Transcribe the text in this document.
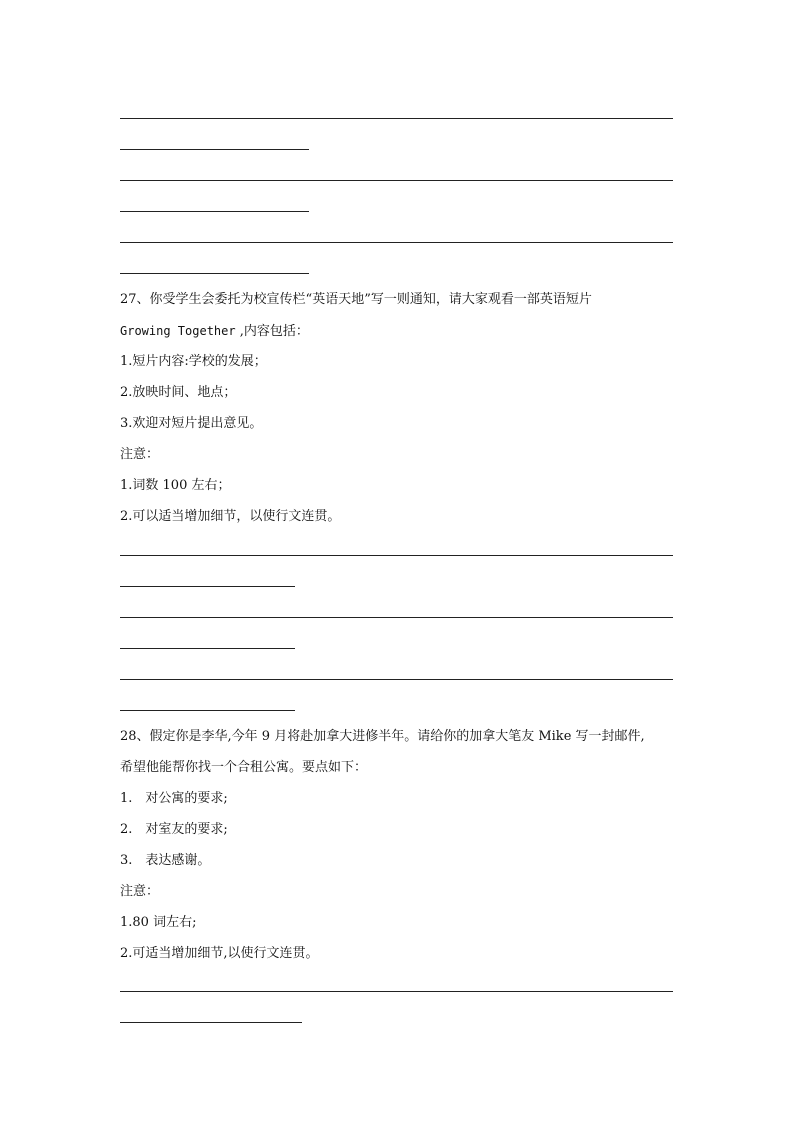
27、你受学生会委托为校宣传栏“英语天地”写一则通知，请大家观看一部英语短片
Growing Together ,内容包括：
1.短片内容:学校的发展；
2.放映时间、地点；
3.欢迎对短片提出意见。
注意：
1.词数 100 左右；
2.可以适当增加细节，以使行文连贯。
28、假定你是李华,今年 9 月将赴加拿大进修半年。请给你的加拿大笔友 Mike 写一封邮件,
希望他能帮你找一个合租公寓。要点如下：
1.　对公寓的要求;
2.　对室友的要求;
3.　表达感谢。
注意：
1.80 词左右;
2.可适当增加细节,以使行文连贯。
